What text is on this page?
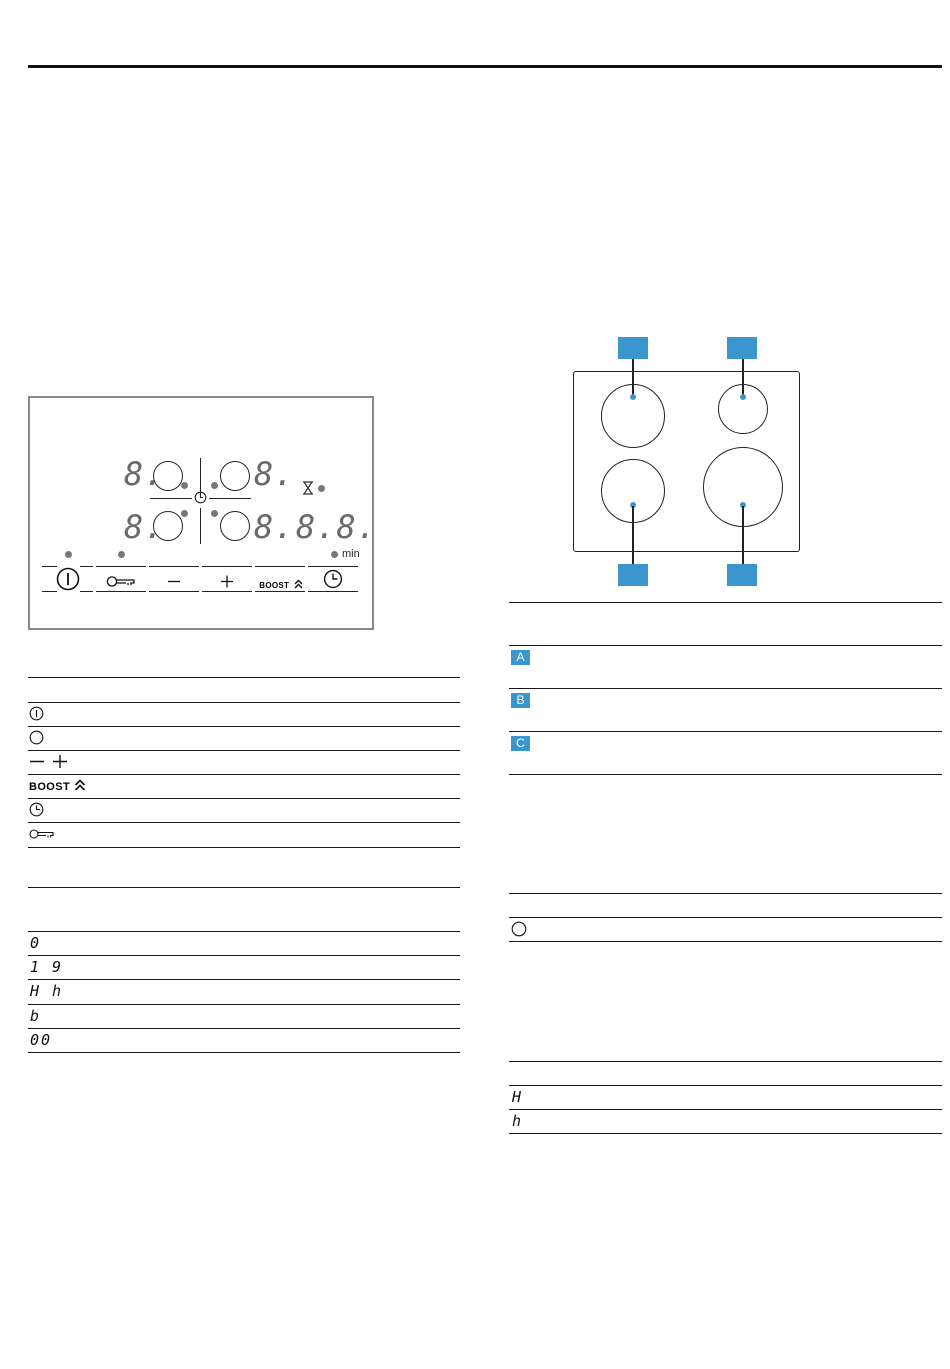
8.	8.
8.	8. 8.8.
min
BOOST
BOOST
0
1 9
H h
b
00
A
B
C
H
h
